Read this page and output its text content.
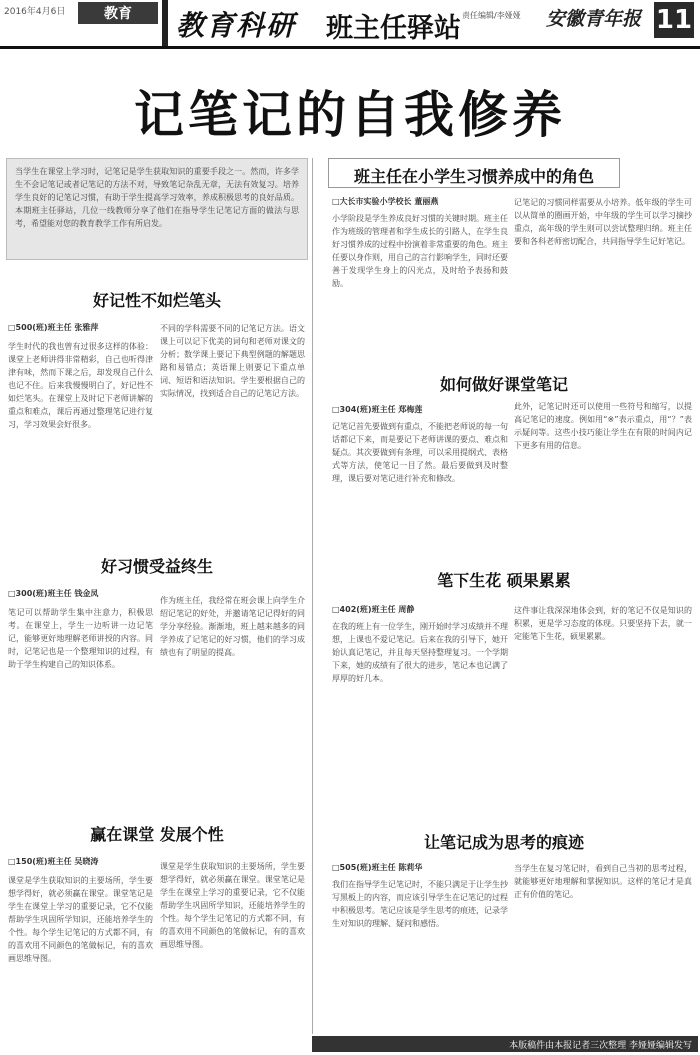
2016年4月6日	教育	教育科研 班主任驿站 责任编辑/李娅娅 安徽青年报 11
记笔记的自我修养
当学生在课堂上学习时，记笔记是学生获取知识的重要手段之一。然而，许多学生不会记笔记或者记笔记的方法不对，导致笔记杂乱无章，无法有效复习。培养学生良好的记笔记习惯，有助于学生提高学习效率，养成积极思考的良好品质。本期班主任驿站，几位一线教师分享了他们在指导学生记笔记方面的做法与思考，希望能对您的教育教学工作有所启发。
好记性不如烂笔头
□500(班)班主任 张雅萍
学生时代的我也曾有过很多这样的体验：课堂上老师讲得非常精彩，自己也听得津津有味，然而下课之后，却发现自己什么也记不住。后来我慢慢明白了，好记性不如烂笔头。在课堂上及时记下老师讲解的重点和难点，课后再通过整理笔记进行复习，学习效果会好很多。
不同的学科需要不同的记笔记方法。语文课上可以记下优美的词句和老师对课文的分析；数学课上要记下典型例题的解题思路和易错点；英语课上则要记下重点单词、短语和语法知识。学生要根据自己的实际情况，找到适合自己的记笔记方法。
好习惯受益终生
□300(班)班主任 钱金凤
笔记可以帮助学生集中注意力，积极思考。在课堂上，学生一边听讲一边记笔记，能够更好地理解老师讲授的内容。同时，记笔记也是一个整理知识的过程，有助于学生构建自己的知识体系。
作为班主任，我经常在班会课上向学生介绍记笔记的好处，并邀请笔记记得好的同学分享经验。渐渐地，班上越来越多的同学养成了记笔记的好习惯，他们的学习成绩也有了明显的提高。
赢在课堂 发展个性
□150(班)班主任 吴晓涛
课堂是学生获取知识的主要场所，学生要想学得好，就必须赢在课堂。课堂笔记是学生在课堂上学习的重要记录，它不仅能帮助学生巩固所学知识，还能培养学生的个性。每个学生记笔记的方式都不同，有的喜欢用不同颜色的笔做标记，有的喜欢画思维导图。
课堂是学生获取知识的主要场所，学生要想学得好，就必须赢在课堂。课堂笔记是学生在课堂上学习的重要记录，它不仅能帮助学生巩固所学知识，还能培养学生的个性。每个学生记笔记的方式都不同，有的喜欢用不同颜色的笔做标记，有的喜欢画思维导图。
班主任在小学生习惯养成中的角色
□大长市实验小学校长 董丽燕
小学阶段是学生养成良好习惯的关键时期。班主任作为班级的管理者和学生成长的引路人，在学生良好习惯养成的过程中扮演着非常重要的角色。班主任要以身作则，用自己的言行影响学生，同时还要善于发现学生身上的闪光点，及时给予表扬和鼓励。
记笔记的习惯同样需要从小培养。低年级的学生可以从简单的圈画开始，中年级的学生可以学习摘抄重点，高年级的学生则可以尝试整理归纳。班主任要和各科老师密切配合，共同指导学生记好笔记。
如何做好课堂笔记
□304(班)班主任 郑梅莲
记笔记首先要做到有重点，不能把老师说的每一句话都记下来，而是要记下老师讲课的要点、难点和疑点。其次要做到有条理，可以采用提纲式、表格式等方法，使笔记一目了然。最后要做到及时整理，课后要对笔记进行补充和修改。
此外，记笔记时还可以使用一些符号和缩写，以提高记笔记的速度。例如用“※”表示重点，用“？”表示疑问等。这些小技巧能让学生在有限的时间内记下更多有用的信息。
笔下生花 硕果累累
□402(班)班主任 周静
在我的班上有一位学生，刚开始时学习成绩并不理想，上课也不爱记笔记。后来在我的引导下，她开始认真记笔记，并且每天坚持整理复习。一个学期下来，她的成绩有了很大的进步，笔记本也记满了厚厚的好几本。
这件事让我深深地体会到，好的笔记不仅是知识的积累，更是学习态度的体现。只要坚持下去，就一定能笔下生花，硕果累累。
让笔记成为思考的痕迹
□505(班)班主任 陈莉华
我们在指导学生记笔记时，不能只满足于让学生抄写黑板上的内容，而应该引导学生在记笔记的过程中积极思考。笔记应该是学生思考的痕迹，记录学生对知识的理解、疑问和感悟。
当学生在复习笔记时，看到自己当初的思考过程，就能够更好地理解和掌握知识。这样的笔记才是真正有价值的笔记。
本版稿件由本报记者三次整理 李娅娅编辑发写
